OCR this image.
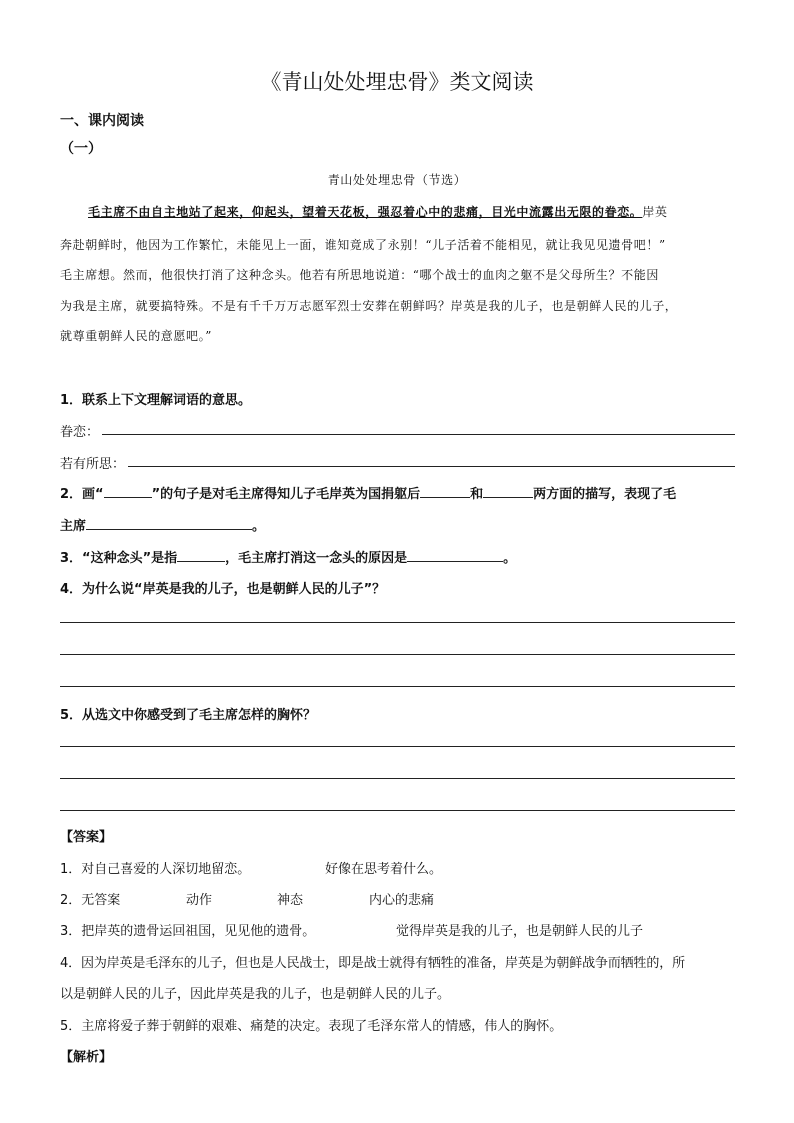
《青山处处埋忠骨》类文阅读
一、课内阅读
（一）
青山处处埋忠骨（节选）
毛主席不由自主地站了起来，仰起头，望着天花板，强忍着心中的悲痛，目光中流露出无限的眷恋。岸英
奔赴朝鲜时，他因为工作繁忙，未能见上一面，谁知竟成了永别！“儿子活着不能相见，就让我见见遗骨吧！”
毛主席想。然而，他很快打消了这种念头。他若有所思地说道：“哪个战士的血肉之躯不是父母所生？不能因
为我是主席，就要搞特殊。不是有千千万万志愿军烈士安葬在朝鲜吗？岸英是我的儿子，也是朝鲜人民的儿子，
就尊重朝鲜人民的意愿吧。”
1．联系上下文理解词语的意思。
眷恋：
若有所思：
2．画“	”的句子是对毛主席得知儿子毛岸英为国捐躯后	和	两方面的描写，表现了毛
主席	。
3．“这种念头”是指	，毛主席打消这一念头的原因是	。
4．为什么说“岸英是我的儿子，也是朝鲜人民的儿子”？
5．从选文中你感受到了毛主席怎样的胸怀？
【答案】
1．对自己喜爱的人深切地留恋。	好像在思考着什么。
2．无答案	动作	神态	内心的悲痛
3．把岸英的遗骨运回祖国，见见他的遗骨。	觉得岸英是我的儿子，也是朝鲜人民的儿子
4．因为岸英是毛泽东的儿子，但也是人民战士，即是战士就得有牺牲的准备，岸英是为朝鲜战争而牺牲的，所
以是朝鲜人民的儿子，因此岸英是我的儿子，也是朝鲜人民的儿子。
5．主席将爱子葬于朝鲜的艰难、痛楚的决定。表现了毛泽东常人的情感，伟人的胸怀。
【解析】
